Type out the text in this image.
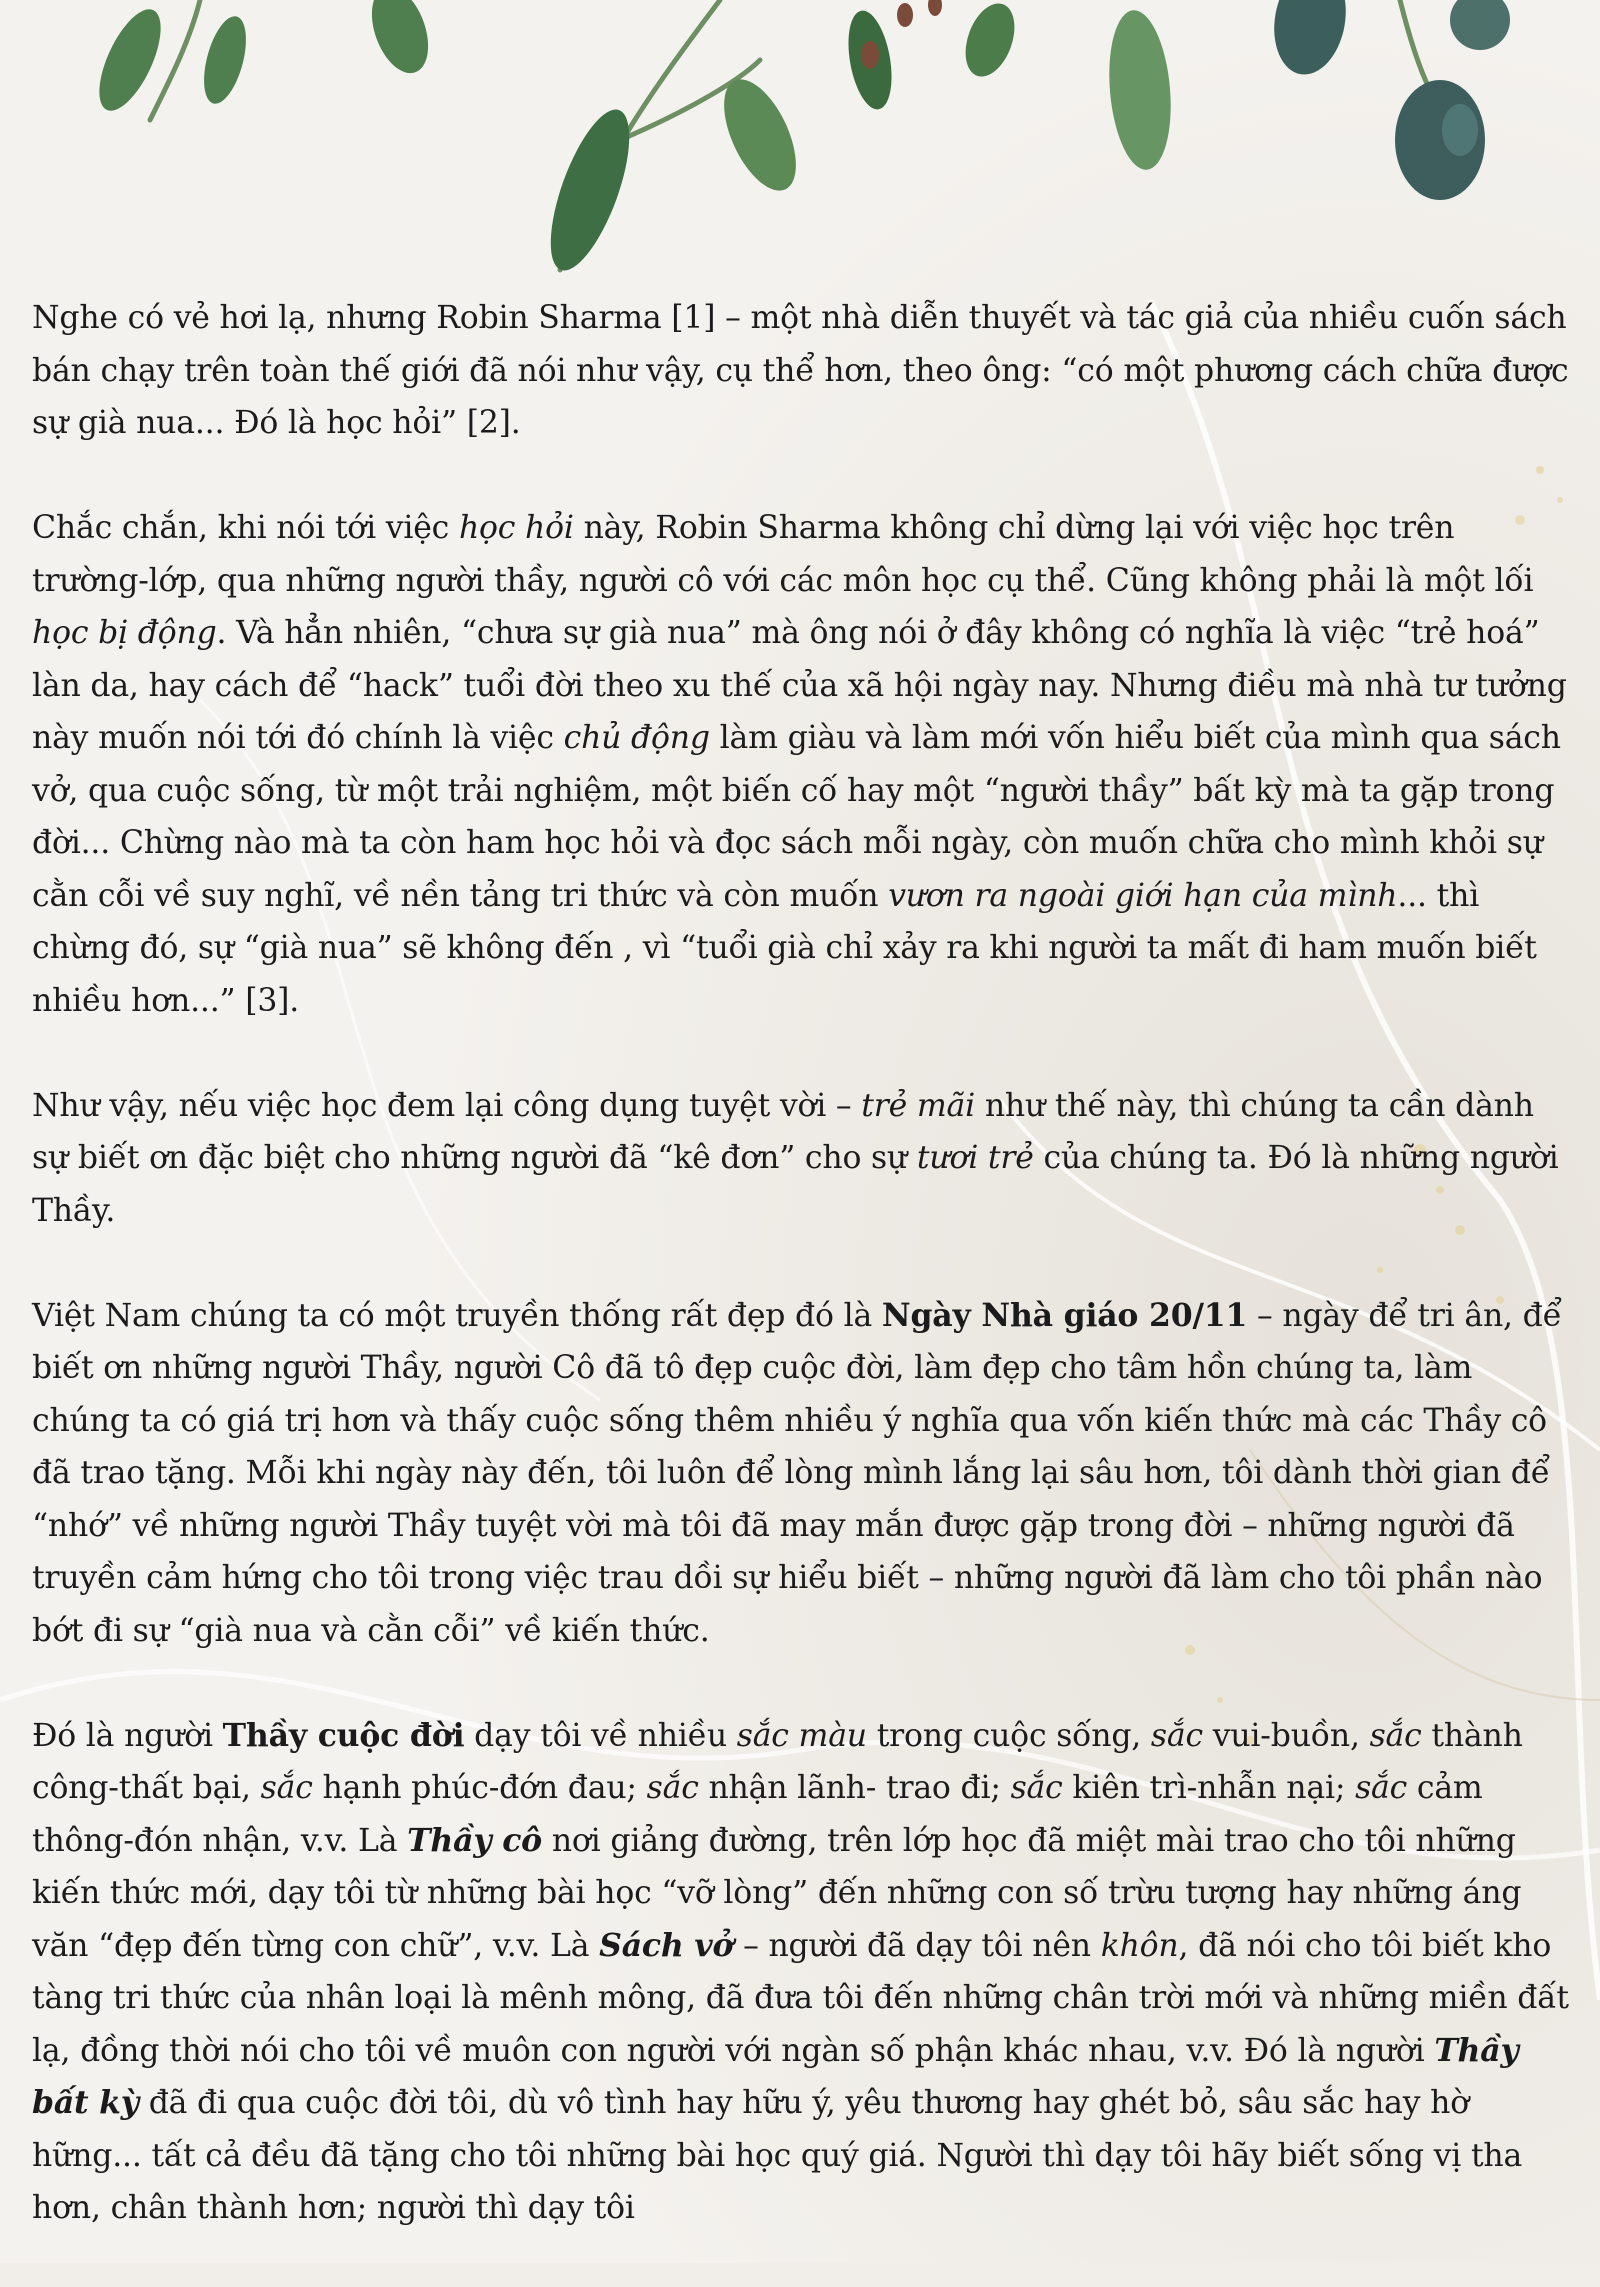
Nghe có vẻ hơi lạ, nhưng Robin Sharma [1] – một nhà diễn thuyết và tác giả của nhiều cuốn sách bán chạy trên toàn thế giới đã nói như vậy, cụ thể hơn, theo ông: “có một phương cách chữa được sự già nua... Đó là học hỏi” [2].

Chắc chắn, khi nói tới việc học hỏi này, Robin Sharma không chỉ dừng lại với việc học trên trường-lớp, qua những người thầy, người cô với các môn học cụ thể. Cũng không phải là một lối học bị động. Và hẳn nhiên, “chưa sự già nua” mà ông nói ở đây không có nghĩa là việc “trẻ hoá” làn da, hay cách để “hack” tuổi đời theo xu thế của xã hội ngày nay. Nhưng điều mà nhà tư tưởng này muốn nói tới đó chính là việc chủ động làm giàu và làm mới vốn hiểu biết của mình qua sách vở, qua cuộc sống, từ một trải nghiệm, một biến cố hay một “người thầy” bất kỳ mà ta gặp trong đời... Chừng nào mà ta còn ham học hỏi và đọc sách mỗi ngày, còn muốn chữa cho mình khỏi sự cằn cỗi về suy nghĩ, về nền tảng tri thức và còn muốn vươn ra ngoài giới hạn của mình... thì chừng đó, sự “già nua” sẽ không đến , vì “tuổi già chỉ xảy ra khi người ta mất đi ham muốn biết nhiều hơn...” [3].

Như vậy, nếu việc học đem lại công dụng tuyệt vời – trẻ mãi như thế này, thì chúng ta cần dành sự biết ơn đặc biệt cho những người đã “kê đơn” cho sự tươi trẻ của chúng ta. Đó là những người Thầy.

Việt Nam chúng ta có một truyền thống rất đẹp đó là Ngày Nhà giáo 20/11 – ngày để tri ân, để biết ơn những người Thầy, người Cô đã tô đẹp cuộc đời, làm đẹp cho tâm hồn chúng ta, làm chúng ta có giá trị hơn và thấy cuộc sống thêm nhiều ý nghĩa qua vốn kiến thức mà các Thầy cô đã trao tặng. Mỗi khi ngày này đến, tôi luôn để lòng mình lắng lại sâu hơn, tôi dành thời gian để “nhớ” về những người Thầy tuyệt vời mà tôi đã may mắn được gặp trong đời – những người đã truyền cảm hứng cho tôi trong việc trau dồi sự hiểu biết – những người đã làm cho tôi phần nào bớt đi sự “già nua và cằn cỗi” về kiến thức.

Đó là người Thầy cuộc đời dạy tôi về nhiều sắc màu trong cuộc sống, sắc vui-buồn, sắc thành công-thất bại, sắc hạnh phúc-đớn đau; sắc nhận lãnh- trao đi; sắc kiên trì-nhẫn nại; sắc cảm thông-đón nhận, v.v. Là Thầy cô nơi giảng đường, trên lớp học đã miệt mài trao cho tôi những kiến thức mới, dạy tôi từ những bài học “vỡ lòng” đến những con số trừu tượng hay những áng văn “đẹp đến từng con chữ”, v.v. Là Sách vở – người đã dạy tôi nên khôn, đã nói cho tôi biết kho tàng tri thức của nhân loại là mênh mông, đã đưa tôi đến những chân trời mới và những miền đất lạ, đồng thời nói cho tôi về muôn con người với ngàn số phận khác nhau, v.v. Đó là người Thầy bất kỳ đã đi qua cuộc đời tôi, dù vô tình hay hữu ý, yêu thương hay ghét bỏ, sâu sắc hay hờ hững... tất cả đều đã tặng cho tôi những bài học quý giá. Người thì dạy tôi hãy biết sống vị tha hơn, chân thành hơn; người thì dạy tôi
